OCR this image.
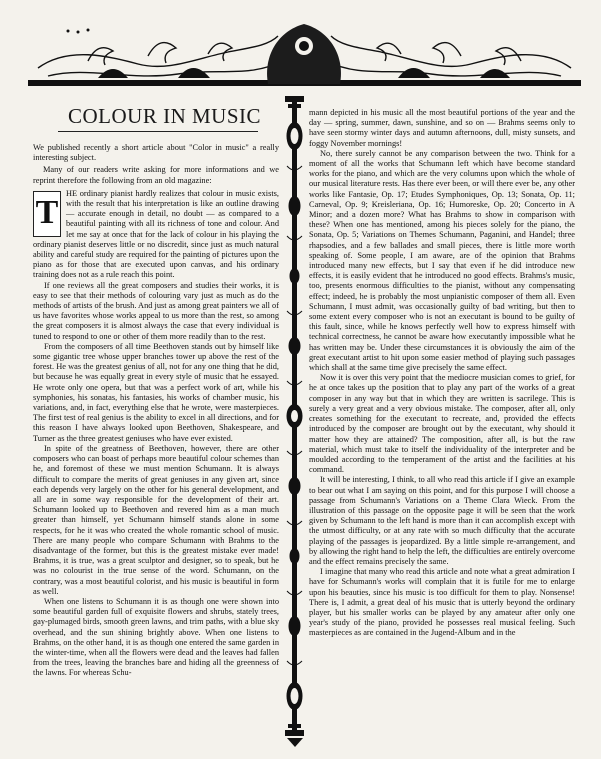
COLOUR IN MUSIC

We published recently a short article about "Color in music" a really interesting subject.

Many of our readers write asking for more informations and we reprint therefore the following from an old magazine:

T

HE ordinary pianist hardly realizes that colour in music exists, with the result that his interpretation is like an outline drawing — accurate enough in detail, no doubt — as compared to a beautiful painting with all its richness of tone and colour. And let me say at once that for the lack of colour in his playing the ordinary pianist deserves little or no discredit, since just as much natural ability and careful study are required for the painting of pictures upon the piano as for those that are executed upon canvas, and his ordinary training does not as a rule reach this point.

If one reviews all the great composers and studies their works, it is easy to see that their methods of colouring vary just as much as do the methods of artists of the brush. And just as among great painters we all of us have favorites whose works appeal to us more than the rest, so among the great composers it is almost always the case that every individual is tuned to respond to one or other of them more readily than to the rest.

From the composers of all time Beethoven stands out by himself like some gigantic tree whose upper branches tower up above the rest of the forest. He was the greatest genius of all, not for any one thing that he did, but because he was equally great in every style of music that he essayed. He wrote only one opera, but that was a perfect work of art, while his symphonies, his sonatas, his fantasies, his works of chamber music, his variations, and, in fact, everything else that he wrote, were masterpieces. The first test of real genius is the ability to excel in all directions, and for this reason I have always looked upon Beethoven, Shakespeare, and Turner as the three greatest geniuses who have ever existed.

In spite of the greatness of Beethoven, however, there are other composers who can boast of perhaps more beautiful colour schemes than he, and foremost of these we must mention Schumann. It is always difficult to compare the merits of great geniuses in any given art, since each depends very largely on the other for his general development, and all are in some way responsible for the development of their art. Schumann looked up to Beethoven and revered him as a man much greater than himself, yet Schumann himself stands alone in some respects, for he it was who created the whole romantic school of music. There are many people who compare Schumann with Brahms to the disadvantage of the former, but this is the greatest mistake ever made! Brahms, it is true, was a great sculptor and designer, so to speak, but he was no colourist in the true sense of the word. Schumann, on the contrary, was a most beautiful colorist, and his music is beautiful in form as well.

When one listens to Schumann it is as though one were shown into some beautiful garden full of exquisite flowers and shrubs, stately trees, gay-plumaged birds, smooth green lawns, and trim paths, with a blue sky overhead, and the sun shining brightly above. When one listens to Brahms, on the other hand, it is as though one entered the same garden in the winter-time, when all the flowers were dead and the leaves had fallen from the trees, leaving the branches bare and hiding all the greenness of the lawns. For whereas Schu-

mann depicted in his music all the most beautiful portions of the year and the day — spring, summer, dawn, sunshine, and so on — Brahms seems only to have seen stormy winter days and autumn afternoons, dull, misty sunsets, and foggy November mornings!

No, there surely cannot be any comparison between the two. Think for a moment of all the works that Schumann left which have become standard works for the piano, and which are the very columns upon which the whole of our musical literature rests. Has there ever been, or will there ever be, any other works like Fantasie, Op. 17; Etudes Symphoniques, Op. 13; Sonata, Op. 11; Carneval, Op. 9; Kreisleriana, Op. 16; Humoreske, Op. 20; Concerto in A Minor; and a dozen more? What has Brahms to show in comparison with these? When one has mentioned, among his pieces solely for the piano, the Sonata, Op. 5; Variations on Themes Schumann, Paganini, and Handel; three rhapsodies, and a few ballades and small pieces, there is little more worth speaking of. Some people, I am aware, are of the opinion that Brahms introduced many new effects, but I say that even if he did introduce new effects, it is easily evident that he introduced no good effects. Brahms's music, too, presents enormous difficulties to the pianist, without any compensating effect; indeed, he is probably the most unpianistic composer of them all. Even Schumann, I must admit, was occasionally guilty of bad writing, but then to some extent every composer who is not an executant is bound to be guilty of this fault, since, while he knows perfectly well how to express himself with technical correctness, he cannot be aware how executantly impossible what he has written may be. Under these circumstances it is obviously the aim of the great executant artist to hit upon some easier method of playing such passages which shall at the same time give precisely the same effect.

Now it is over this very point that the mediocre musician comes to grief, for he at once takes up the position that to play any part of the works of a great composer in any way but that in which they are written is sacrilege. This is surely a very great and a very obvious mistake. The composer, after all, only creates something for the executant to recreate, and, provided the effects introduced by the composer are brought out by the executant, why should it matter how they are attained? The composition, after all, is but the raw material, which must take to itself the individuality of the interpreter and be moulded according to the temperament of the artist and the facilities at his command.

It will be interesting, I think, to all who read this article if I give an example to bear out what I am saying on this point, and for this purpose I will choose a passage from Schumann's Variations on a Theme Clara Wieck. From the illustration of this passage on the opposite page it will be seen that the work given by Schumann to the left hand is more than it can accomplish except with the utmost difficulty, or at any rate with so much difficulty that the accurate playing of the passages is jeopardized. By a little simple re-arrangement, and by allowing the right hand to help the left, the difficulties are entirely overcome and the effect remains precisely the same.

I imagine that many who read this article and note what a great admiration I have for Schumann's works will complain that it is futile for me to enlarge upon his beauties, since his music is too difficult for them to play. Nonsense! There is, I admit, a great deal of his music that is utterly beyond the ordinary player, but his smaller works can be played by any amateur after only one year's study of the piano, provided he possesses real musical feeling. Such masterpieces as are contained in the Jugend-Album and in the
